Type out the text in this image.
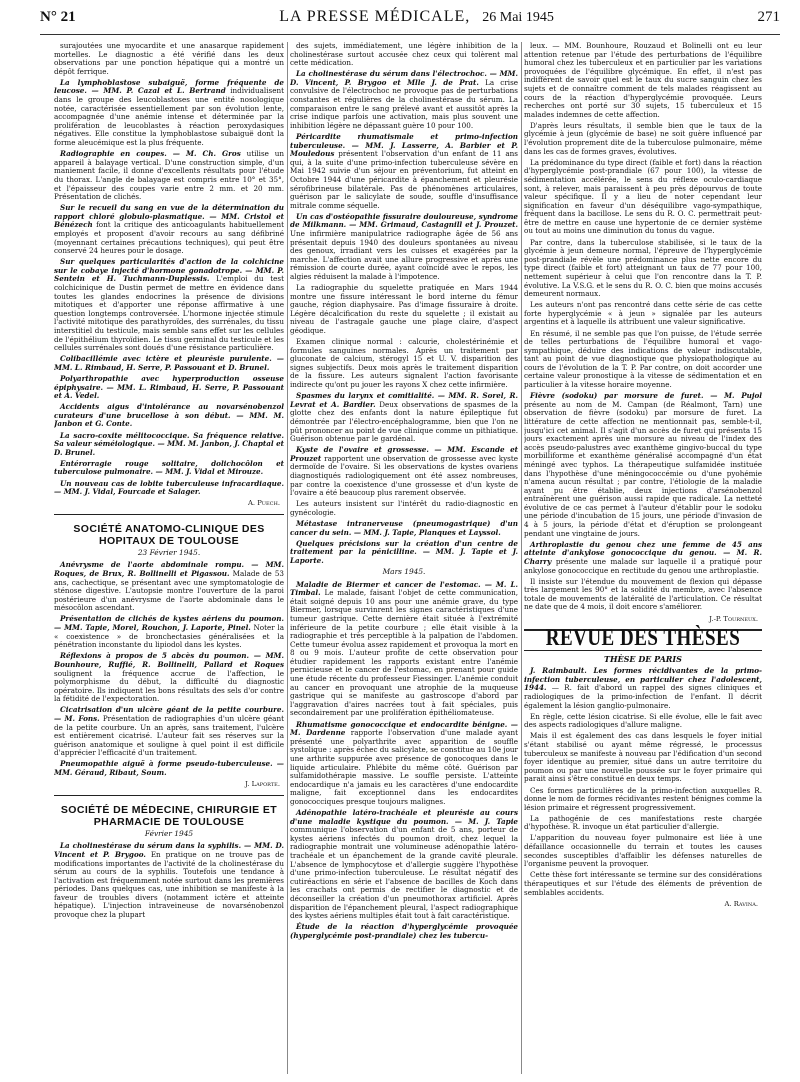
N° 21	LA PRESSE MÉDICALE, 26 Mai 1945	271

surajoutées une myocardite et une anasarque rapidement mortelles. Le diagnostic a été vérifié dans les deux observations par une ponction hépatique qui a montré un dépôt ferrique.

La lymphoblastose subaiguë, forme fréquente de leucose. — MM. P. Cazal et L. Bertrand individualisent dans le groupe des leucoblastoses une entité nosologique notée, caractérisée essentiellement par son évolution lente, accompagnée d'une anémie intense et déterminée par la prolifération de leucoblastes à réaction peroxydasiques négatives. Elle constitue la lymphoblastose subaiguë dont la forme aleucémique est la plus fréquente.

Radiographie en coupes. — M. Ch. Gros utilise un appareil à balayage vertical. D'une construction simple, d'un maniement facile, il donne d'excellents résultats pour l'étude du thorax. L'angle de balayage est compris entre 10° et 35°, et l'épaisseur des coupes varie entre 2 mm. et 20 mm. Présentation de clichés.

Sur le recueil du sang en vue de la détermination du rapport chloré globulo-plasmatique. — MM. Cristol et Bénézech font la critique des anticoagulants habituellement employés et proposent d'avoir recours au sang défibriné (moyennant certaines précautions techniques), qui peut être conservé 24 heures pour le dosage.

Sur quelques particularités d'action de la colchicine sur le cobaye injecté d'hormone gonadotrope. — MM. P. Sentein et H. Tuchmann-Duplessis. L'emploi du test colchicinique de Dustin permet de mettre en évidence dans toutes les glandes endocrines la présence de divisions mitotiques et d'apporter une réponse affirmative à une question longtemps controversée. L'hormone injectée stimule l'activité mitotique des parathyroïdes, des surrénales, du tissu interstitiel du testicule, mais semble sans effet sur les cellules de l'épithélium thyroïdien. Le tissu germinal du testicule et les cellules surrénales sont doués d'une résistance particulière.

Colibacillémie avec ictère et pleurésie purulente. — MM. L. Rimbaud, H. Serre, P. Passouant et D. Brunel.

Polyarthropathie avec hyperproduction osseuse épiphysaire. — MM. L. Rimbaud, H. Serre, P. Passouant et A. Vedel.

Accidents aigus d'intolérance au novarsénobenzol curateurs d'une brucellose à son début. — MM. M. Janbon et G. Conte.

La sacro-coxite mélitococcique. Sa fréquence relative. Sa valeur séméiologique. — MM. M. Janbon, J. Chaptal et D. Brunel.

Entérorragie rouge solitaire, dolichocôlon et tuberculose pulmonaire. — MM. J. Vidal et Mirouze.

Un nouveau cas de lobite tuberculeuse infracardiaque. — MM. J. Vidal, Fourcade et Salager.

A. Puech.
SOCIÉTÉ ANATOMO-CLINIQUE DES HOPITAUX DE TOULOUSE
23 Février 1945.

Anévrysme de l'aorte abdominale rompu. — MM. Roques, de Brux, R. Bollinelli et Pigassou. Malade de 53 ans, cachectique, se présentant avec une symptomatologie de sténose digestive. L'autopsie montre l'ouverture de la paroi postérieure d'un anévrysme de l'aorte abdominale dans le mésocôlon ascendant.

Présentation de clichés de kystes aériens du poumon. — MM. Tapie, Morel, Rouchon, J. Laporte, Pinel. Noter la « coexistence » de bronchectasies généralisées et la pénétration inconstante du lipiodol dans les kystes.

Réflexions à propos de 5 abcès du poumon. — MM. Bounhoure, Ruffié, R. Bollinelli, Pallard et Roques soulignent la fréquence accrue de l'affection, le polymorphisme du début, la difficulté du diagnostic opératoire. Ils indiquent les bons résultats des sels d'or contre la fétidité de l'expectoration.

Cicatrisation d'un ulcère géant de la petite courbure. — M. Fons. Présentation de radiographies d'un ulcère géant de la petite courbure. Un an après, sans traitement, l'ulcère est entièrement cicatrisé. L'auteur fait ses réserves sur la guérison anatomique et souligne à quel point il est difficile d'apprécier l'efficacité d'un traitement.

Pneumopathie aiguë à forme pseudo-tuberculeuse. — MM. Géraud, Ribaut, Soum.

J. Laporte.
SOCIÉTÉ DE MÉDECINE, CHIRURGIE ET PHARMACIE DE TOULOUSE
Février 1945

La cholinestérase du sérum dans la syphilis. — MM. D. Vincent et P. Brygoo. En pratique on ne trouve pas de modifications importantes de l'activité de la cholinestérase du sérum au cours de la syphilis. Toutefois une tendance à l'activation est fréquemment notée surtout dans les premières périodes. Dans quelques cas, une inhibition se manifeste à la faveur de troubles divers (notamment ictère et atteinte hépatique). L'injection intraveineuse de novarsénobenzol provoque chez la plupart

des sujets, immédiatement, une légère inhibition de la cholinestérase surtout accusée chez ceux qui tolèrent mal cette médication.

La cholinestérase du sérum dans l'électrochoc. — MM. D. Vincent, P. Brygoo et Mlle J. de Prat. La crise convulsive de l'électrochoc ne provoque pas de perturbations constantes et régulières de la cholinestérase du sérum. La comparaison entre le sang prélevé avant et aussitôt après la crise indique parfois une activation, mais plus souvent une inhibition légère ne dépassant guère 10 pour 100.

Péricardite rhumatismale et primo-infection tuberculeuse. — MM. J. Lasserre, A. Barbier et P. Mouledous présentent l'observation d'un enfant de 11 ans qui, à la suite d'une primo-infection tuberculeuse sévère en Mai 1942 suivie d'un séjour en préventorium, fut atteint en Octobre 1944 d'une péricardite à épanchement et pleurésie sérofibrineuse bilatérale. Pas de phénomènes articulaires, guérison par le salicylate de soude, souffle d'insuffisance mitrale comme séquelle.

Un cas d'ostéopathie fissuraire douloureuse, syndrome de Milkmann. — MM. Grimaud, Castagnill et J. Prouzet. Une infirmière manipulatrice radiographe âgée de 56 ans présentait depuis 1940 des douleurs spontanées au niveau des genoux, irradiant vers les cuisses et exagérées par la marche. L'affection avait une allure progressive et après une rémission de courte durée, ayant coïncidé avec le repos, les algies réduisent la malade à l'impotence.

La radiographie du squelette pratiquée en Mars 1944 montre une fissure intéressant le bord interne du fémur gauche, région diaphysaire. Pas d'image fissuraire à droite. Légère décalcification du reste du squelette ; il existait au niveau de l'astragale gauche une plage claire, d'aspect géodique.

Examen clinique normal : calcurie, cholestérinémie et formules sanguines normales. Après un traitement par gluconate de calcium, stérogyl 15 et U. V. disparition des signes subjectifs. Deux mois après le traitement disparition de la fissure. Les auteurs signalent l'action favorisante indirecte qu'ont pu jouer les rayons X chez cette infirmière.

Spasmes du larynx et comitialité. — MM. R. Sorel, R. Levrat et A. Bardier. Deux observations de spasmes de la glotte chez des enfants dont la nature épileptique fut démontrée par l'électro-encéphalogramme, bien que l'on ne pût prononcer au point de vue clinique comme un pithiatique. Guérison obtenue par le gardénal.

Kyste de l'ovaire et grossesse. — MM. Escande et Prouzet rapportent une observation de grossesse avec kyste dermoïde de l'ovaire. Si les observations de kystes ovariens diagnostiqués radiologiquement ont été assez nombreuses, par contre la coexistence d'une grossesse et d'un kyste de l'ovaire a été beaucoup plus rarement observée.

Les auteurs insistent sur l'intérêt du radio-diagnostic en gynécologie.

Métastase intranerveuse (pneumogastrique) d'un cancer du sein. — MM. J. Tapie, Planques et Layssol.

Quelques précisions sur la création d'un centre de traitement par la pénicilline. — MM. J. Tapie et J. Laporte.

Mars 1945.

Maladie de Biermer et cancer de l'estomac. — M. L. Timbal. Le malade, faisant l'objet de cette communication, était soigné depuis 10 ans pour une anémie grave, du type Biermer, lorsque survinrent les signes caractéristiques d'une tumeur gastrique. Cette dernière était située à l'extrémité inférieure de la petite courbure ; elle était visible à la radiographie et très perceptible à la palpation de l'abdomen. Cette tumeur évolua assez rapidement et provoqua la mort en 8 ou 9 mois. L'auteur profite de cette observation pour étudier rapidement les rapports existant entre l'anémie pernicieuse et le cancer de l'estomac, en prenant pour guide une étude récente du professeur Fiessinger. L'anémie conduit au cancer en provoquant une atrophie de la muqueuse gastrique qui se manifeste au gastroscope d'abord par l'aggravation d'aires nacrées tout à fait spéciales, puis secondairement par une prolifération épithéliomateuse.

Rhumatisme gonococcique et endocardite bénigne. — M. Dardenne rapporte l'observation d'une malade ayant présenté une polyarthrite avec apparition de souffle systolique : après échec du salicylate, se constitue au 10e jour une arthrite suppurée avec présence de gonocoques dans le liquide articulaire. Phlébite du même côté. Guérison par sulfamidothérapie massive. Le souffle persiste. L'atteinte endocardique n'a jamais eu les caractères d'une endocardite maligne, fait exceptionnel dans les endocardites gonococciques presque toujours malignes.

Adénopathie latéro-trachéale et pleurésie au cours d'une maladie kystique du poumon. — M. J. Tapie communique l'observation d'un enfant de 5 ans, porteur de kystes aériens infectés du poumon droit, chez lequel la radiographie montrait une volumineuse adénopathie latéro-trachéale et un épanchement de la grande cavité pleurale. L'absence de lymphocytose et d'allergie suggère l'hypothèse d'une primo-infection tuberculeuse. Le résultat négatif des cutiréactions en série et l'absence de bacilles de Koch dans les crachats ont permis de rectifier le diagnostic et de déconseiller la création d'un pneumothorax artificiel. Après disparition de l'épanchement pleural, l'aspect radiographique des kystes aériens multiples était tout à fait caractéristique.

Étude de la réaction d'hyperglycémie provoquée (hyperglycémie post-prandiale) chez les tubercu-

leux. — MM. Bounhoure, Rouzaud et Bolinelli ont eu leur attention retenue par l'étude des perturbations de l'équilibre humoral chez les tuberculeux et en particulier par les variations provoquées de l'équilibre glycémique. En effet, il n'est pas indifférent de savoir quel est le taux du sucre sanguin chez les sujets et de connaître comment de tels malades réagissent au cours de la réaction d'hyperglycémie provoquée. Leurs recherches ont porté sur 30 sujets, 15 tuberculeux et 15 malades indemnes de cette affection.

D'après leurs résultats, il semble bien que le taux de la glycémie à jeun (glycémie de base) ne soit guère influencé par l'évolution proprement dite de la tuberculose pulmonaire, même dans les cas de formes graves, évolutives.

La prédominance du type direct (faible et fort) dans la réaction d'hyperglycémie post-prandiale (67 pour 100), la vitesse de sédimentation accélérée, le sens du réflexe oculo-cardiaque sont, à relever, mais paraissent à peu près dépourvus de toute valeur spécifique. Il y a lieu de noter cependant leur signification en faveur d'un déséquilibre vago-sympathique, fréquent dans la bacillose. Le sens du R. O. C. permettrait peut-être de mettre en cause une hypertonie de ce dernier système ou tout au moins une diminution du tonus du vague.

Par contre, dans la tuberculose stabilisée, si le taux de la glycémie à jeun demeure normal, l'épreuve de l'hyperglycémie post-prandiale révèle une prédominance plus nette encore du type direct (faible et fort) atteignant un taux de 77 pour 100, nettement supérieur à celui que l'on rencontre dans la T. P. évolutive. La V.S.G. et le sens du R. O. C. bien que moins accusés demeurent normaux.

Les auteurs n'ont pas rencontré dans cette série de cas cette forte hyperglycémie « à jeun » signalée par les auteurs argentins et à laquelle ils attribuent une valeur significative.

En résumé, il ne semble pas que l'on puisse, de l'étude serrée de telles perturbations de l'équilibre humoral et vago-sympathique, déduire des indications de valeur indiscutable, tant au point de vue diagnostique que physiopathologique au cours de l'évolution de la T. P. Par contre, on doit accorder une certaine valeur pronostique à la vitesse de sédimentation et en particulier à la vitesse horaire moyenne.

Fièvre (sodoku) par morsure de furet. — M. Pujol présente au nom de M. Campan (de Réalmont, Tarn) une observation de fièvre (sodoku) par morsure de furet. La littérature de cette affection ne mentionnait pas, semble-t-il, jusqu'ici cet animal. Il s'agit d'un accès de furet qui présenta 15 jours exactement après une morsure au niveau de l'index des accès pseudo-palustres avec exanthème gingivo-buccal du type morbilliforme et exanthème généralisé accompagné d'un état méningé avec typhos. La thérapeutique sulfamidée instituée dans l'hypothèse d'une méningococcémie ou d'une pyohémie n'amena aucun résultat ; par contre, l'étiologie de la maladie ayant pu être établie, deux injections d'arsénobenzol entraînèrent une guérison aussi rapide que radicale. La netteté évolutive de ce cas permet à l'auteur d'établir pour le sodoku une période d'incubation de 15 jours, une période d'invasion de 4 à 5 jours, la période d'état et d'éruption se prolongeant pendant une vingtaine de jours.

Arthroplastie du genou chez une femme de 45 ans atteinte d'ankylose gonococcique du genou. — M. R. Charry présente une malade sur laquelle il a pratiqué pour ankylose gonococcique en rectitude du genou une arthroplastie.

Il insiste sur l'étendue du mouvement de flexion qui dépasse très largement les 90° et la solidité du membre, avec l'absence totale de mouvements de latéralité de l'articulation. Ce résultat ne date que de 4 mois, il doit encore s'améliorer.

J.-P. Tourneux.
REVUE DES THÈSES
THÈSE DE PARIS

J. Raimbault. Les formes récidivantes de la primo-infection tuberculeuse, en particulier chez l'adolescent, 1944. — R. fait d'abord un rappel des signes cliniques et radiologiques de la primo-infection de l'enfant. Il décrit également la lésion ganglio-pulmonaire.

En règle, cette lésion cicatrise. Si elle évolue, elle le fait avec des aspects radiologiques d'allure maligne.

Mais il est également des cas dans lesquels le foyer initial s'étant stabilisé ou ayant même régressé, le processus tuberculeux se manifeste à nouveau par l'édification d'un second foyer identique au premier, situé dans un autre territoire du poumon ou par une nouvelle poussée sur le foyer primaire qui parait ainsi s'être constitué en deux temps.

Ces formes particulières de la primo-infection auxquelles R. donne le nom de formes récidivantes restent bénignes comme la lésion primaire et régressent progressivement.

La pathogénie de ces manifestations reste chargée d'hypothèse. R. invoque un état particulier d'allergie.

L'apparition du nouveau foyer pulmonaire est liée à une défaillance occasionnelle du terrain et toutes les causes secondes susceptibles d'affaiblir les défenses naturelles de l'organisme peuvent la provoquer.

Cette thèse fort intéressante se termine sur des considérations thérapeutiques et sur l'étude des éléments de prévention de semblables accidents.

A. Ravina.
